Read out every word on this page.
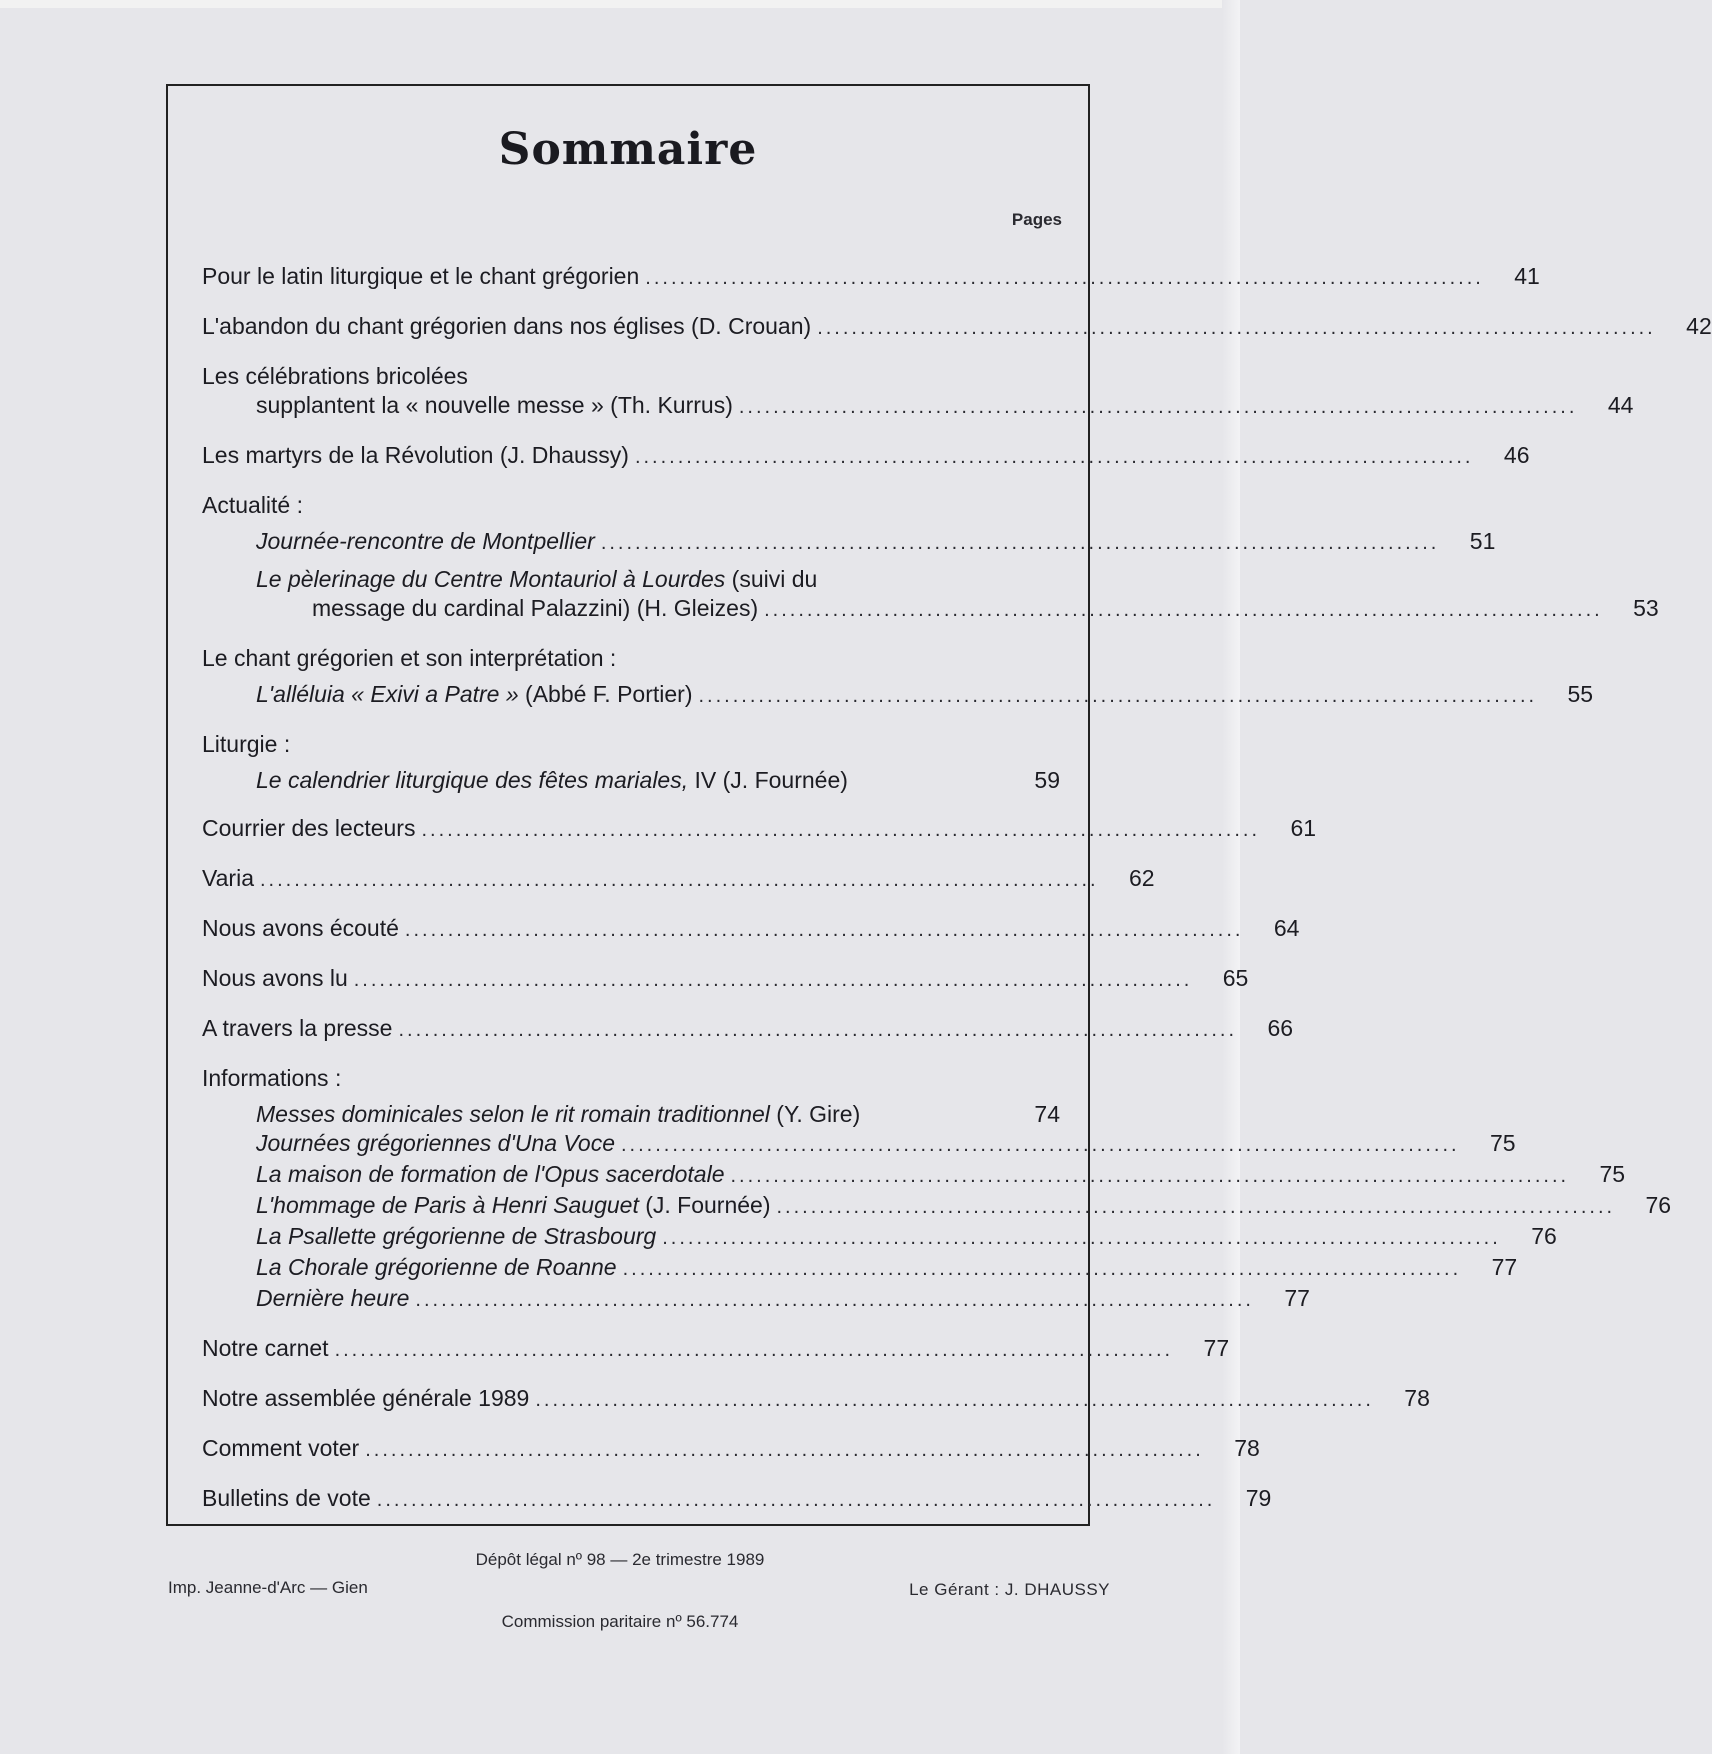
Sommaire
Pages
Pour le latin liturgique et le chant grégorien ..................................................................................................	41
L'abandon du chant grégorien dans nos églises (D. Crouan) ..................................................................................................	42
Les célébrations bricolées
supplantent la « nouvelle messe » (Th. Kurrus) ..................................................................................................	44
Les martyrs de la Révolution (J. Dhaussy) ..................................................................................................	46
Actualité :
Journée-rencontre de Montpellier ..................................................................................................	51
Le pèlerinage du Centre Montauriol à Lourdes (suivi du
message du cardinal Palazzini) (H. Gleizes) ..................................................................................................	53
Le chant grégorien et son interprétation :
L'alléluia « Exivi a Patre » (Abbé F. Portier) ..................................................................................................	55
Liturgie :
Le calendrier liturgique des fêtes mariales, IV (J. Fournée)	59
Courrier des lecteurs ..................................................................................................	61
Varia ..................................................................................................	62
Nous avons écouté ..................................................................................................	64
Nous avons lu ..................................................................................................	65
A travers la presse ..................................................................................................	66
Informations :
Messes dominicales selon le rit romain traditionnel (Y. Gire)	74
Journées grégoriennes d'Una Voce ..................................................................................................	75
La maison de formation de l'Opus sacerdotale ..................................................................................................	75
L'hommage de Paris à Henri Sauguet (J. Fournée) ..................................................................................................	76
La Psallette grégorienne de Strasbourg ..................................................................................................	76
La Chorale grégorienne de Roanne ..................................................................................................	77
Dernière heure ..................................................................................................	77
Notre carnet ..................................................................................................	77
Notre assemblée générale 1989 ..................................................................................................	78
Comment voter ..................................................................................................	78
Bulletins de vote ..................................................................................................	79
Dépôt légal nº 98 — 2e trimestre 1989
Imp. Jeanne-d'Arc — Gien	Le Gérant : J. DHAUSSY
Commission paritaire nº 56.774
